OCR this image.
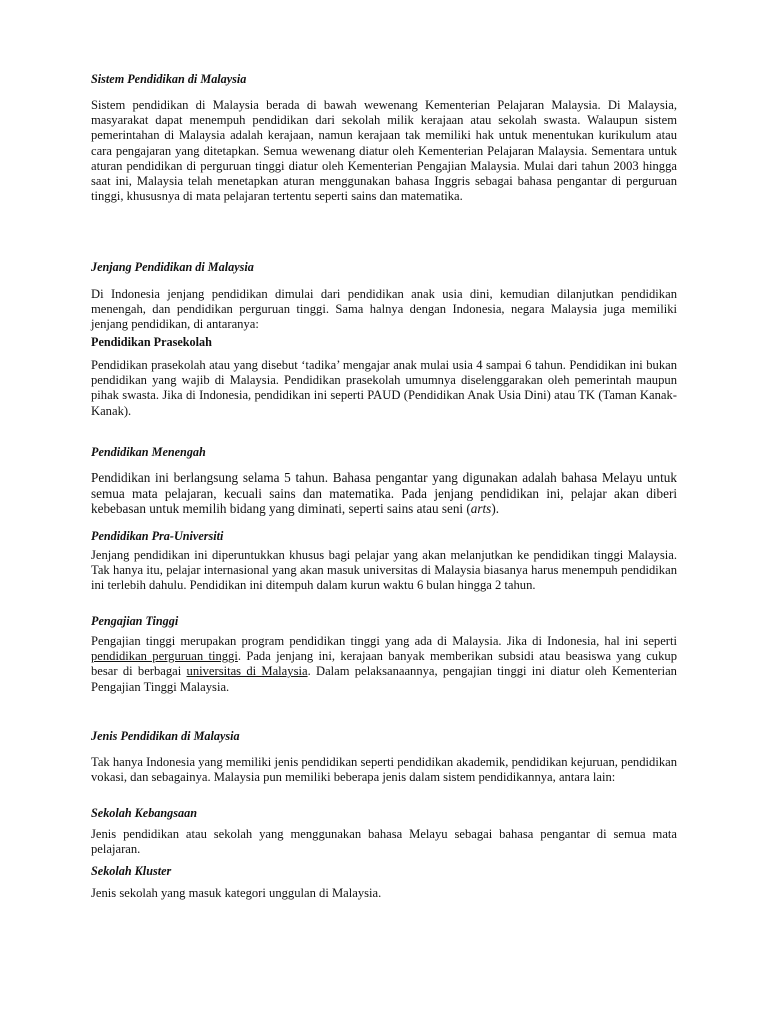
Sistem Pendidikan di Malaysia

Sistem pendidikan di Malaysia berada di bawah wewenang Kementerian Pelajaran Malaysia. Di Malaysia, masyarakat dapat menempuh pendidikan dari sekolah milik kerajaan atau sekolah swasta. Walaupun sistem pemerintahan di Malaysia adalah kerajaan, namun kerajaan tak memiliki hak untuk menentukan kurikulum atau cara pengajaran yang ditetapkan. Semua wewenang diatur oleh Kementerian Pelajaran Malaysia. Sementara untuk aturan pendidikan di perguruan tinggi diatur oleh Kementerian Pengajian Malaysia. Mulai dari tahun 2003 hingga saat ini, Malaysia telah menetapkan aturan menggunakan bahasa Inggris sebagai bahasa pengantar di perguruan tinggi, khususnya di mata pelajaran tertentu seperti sains dan matematika.

Jenjang Pendidikan di Malaysia

Di Indonesia jenjang pendidikan dimulai dari pendidikan anak usia dini, kemudian dilanjutkan pendidikan menengah, dan pendidikan perguruan tinggi. Sama halnya dengan Indonesia, negara Malaysia juga memiliki jenjang pendidikan, di antaranya:

Pendidikan Prasekolah

Pendidikan prasekolah atau yang disebut ‘tadika’ mengajar anak mulai usia 4 sampai 6 tahun. Pendidikan ini bukan pendidikan yang wajib di Malaysia. Pendidikan prasekolah umumnya diselenggarakan oleh pemerintah maupun pihak swasta. Jika di Indonesia, pendidikan ini seperti PAUD (Pendidikan Anak Usia Dini) atau TK (Taman Kanak-Kanak).

Pendidikan Menengah

Pendidikan ini berlangsung selama 5 tahun. Bahasa pengantar yang digunakan adalah bahasa Melayu untuk semua mata pelajaran, kecuali sains dan matematika. Pada jenjang pendidikan ini, pelajar akan diberi kebebasan untuk memilih bidang yang diminati, seperti sains atau seni (arts).

Pendidikan Pra-Universiti

Jenjang pendidikan ini diperuntukkan khusus bagi pelajar yang akan melanjutkan ke pendidikan tinggi Malaysia. Tak hanya itu, pelajar internasional yang akan masuk universitas di Malaysia biasanya harus menempuh pendidikan ini terlebih dahulu. Pendidikan ini ditempuh dalam kurun waktu 6 bulan hingga 2 tahun.

Pengajian Tinggi

Pengajian tinggi merupakan program pendidikan tinggi yang ada di Malaysia. Jika di Indonesia, hal ini seperti pendidikan perguruan tinggi. Pada jenjang ini, kerajaan banyak memberikan subsidi atau beasiswa yang cukup besar di berbagai universitas di Malaysia. Dalam pelaksanaannya, pengajian tinggi ini diatur oleh Kementerian Pengajian Tinggi Malaysia.

Jenis Pendidikan di Malaysia

Tak hanya Indonesia yang memiliki jenis pendidikan seperti pendidikan akademik, pendidikan kejuruan, pendidikan vokasi, dan sebagainya. Malaysia pun memiliki beberapa jenis dalam sistem pendidikannya, antara lain:

Sekolah Kebangsaan

Jenis pendidikan atau sekolah yang menggunakan bahasa Melayu sebagai bahasa pengantar di semua mata pelajaran.

Sekolah Kluster

Jenis sekolah yang masuk kategori unggulan di Malaysia.
